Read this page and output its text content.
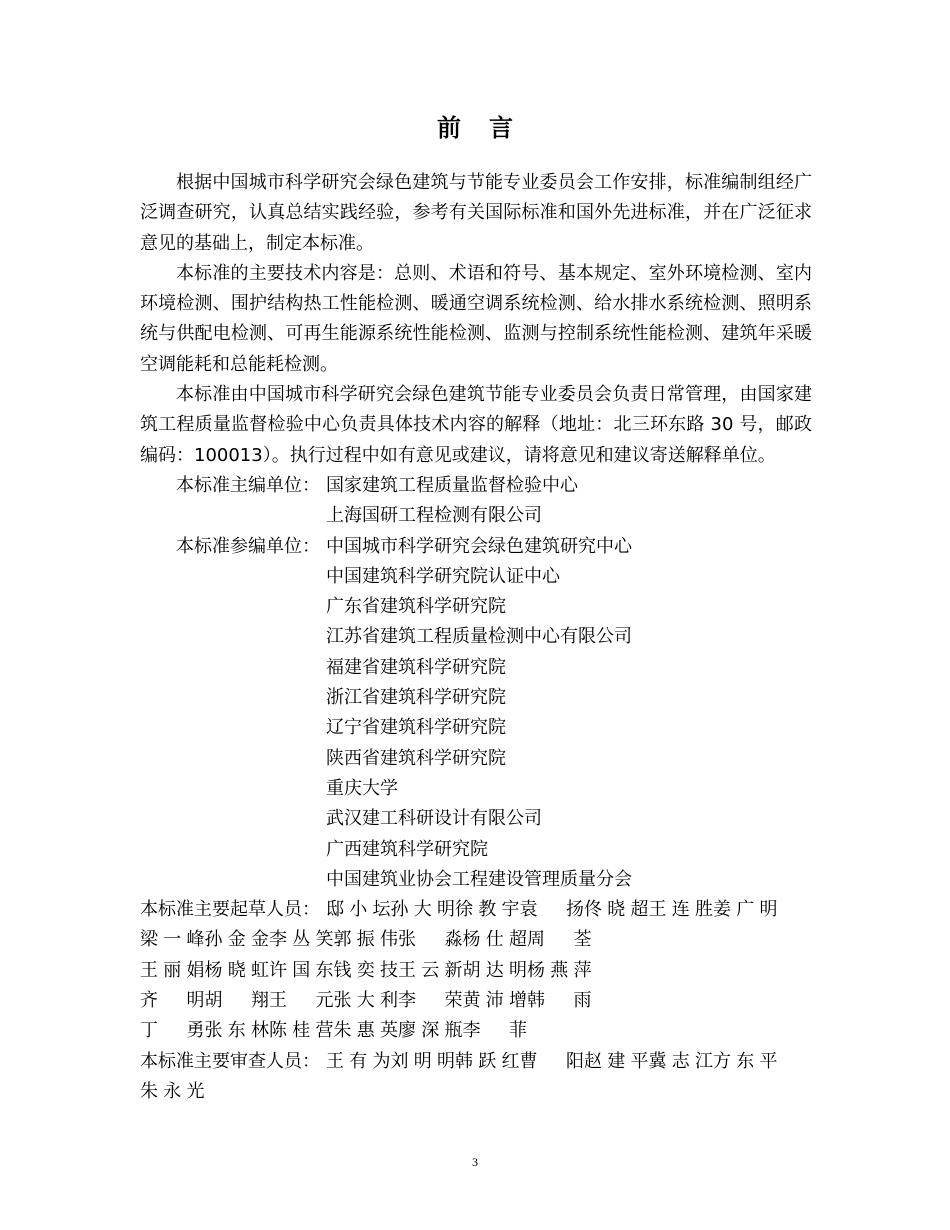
前言

根据中国城市科学研究会绿色建筑与节能专业委员会工作安排，标准编制组经广泛调查研究，认真总结实践经验，参考有关国际标准和国外先进标准，并在广泛征求意见的基础上，制定本标准。

本标准的主要技术内容是：总则、术语和符号、基本规定、室外环境检测、室内环境检测、围护结构热工性能检测、暖通空调系统检测、给水排水系统检测、照明系统与供配电检测、可再生能源系统性能检测、监测与控制系统性能检测、建筑年采暖空调能耗和总能耗检测。

本标准由中国城市科学研究会绿色建筑节能专业委员会负责日常管理，由国家建筑工程质量监督检验中心负责具体技术内容的解释（地址：北三环东路 30 号，邮政编码：100013）。执行过程中如有意见或建议，请将意见和建议寄送解释单位。

本标准主编单位： 国家建筑工程质量监督检验中心
上海国研工程检测有限公司
本标准参编单位： 中国城市科学研究会绿色建筑研究中心
中国建筑科学研究院认证中心
广东省建筑科学研究院
江苏省建筑工程质量检测中心有限公司
福建省建筑科学研究院
浙江省建筑科学研究院
辽宁省建筑科学研究院
陕西省建筑科学研究院
重庆大学
武汉建工科研设计有限公司
广西建筑科学研究院
中国建筑业协会工程建设管理质量分会
本标准主要起草人员： 邸小坛 孙大明 徐教宇 袁　扬 佟晓超 王连胜 姜广明
梁一峰 孙金金 李丛笑 郭振伟 张　淼 杨仕超 周　荃
王丽娟 杨晓虹 许国东 钱奕技 王云新 胡达明 杨燕萍
齐　明 胡　翔 王　元 张大利 李　荣 黄沛增 韩　雨
丁　勇 张东林 陈桂营 朱惠英 廖深瓶 李　菲
本标准主要审查人员： 王有为 刘明明 韩跃红 曹　阳 赵建平 冀志江 方东平
朱永光
3
